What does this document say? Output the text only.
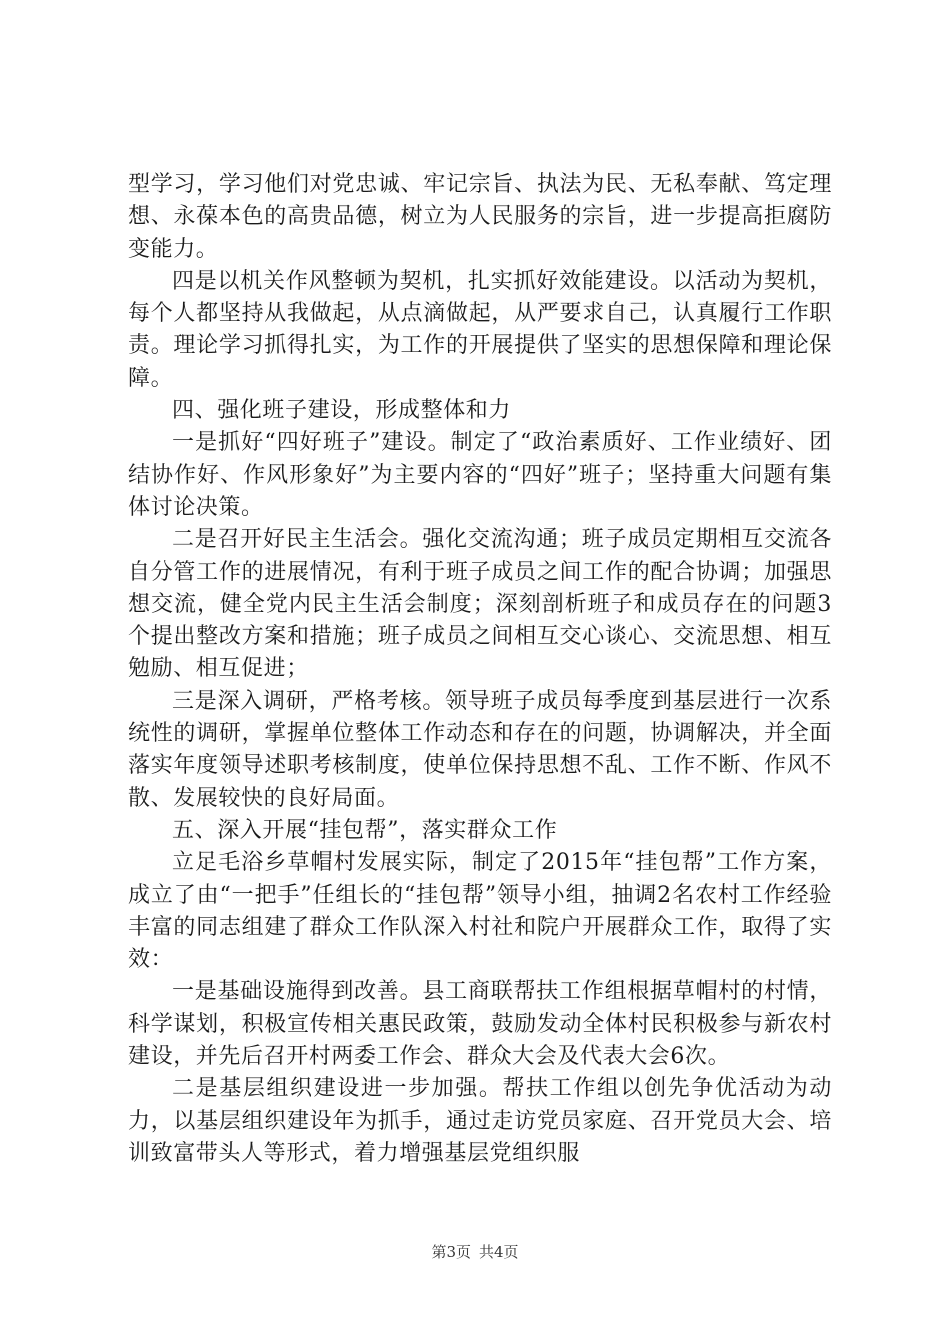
型学习，学习他们对党忠诚、牢记宗旨、执法为民、无私奉献、笃定理想、永葆本色的高贵品德，树立为人民服务的宗旨，进一步提高拒腐防变能力。

四是以机关作风整顿为契机，扎实抓好效能建设。以活动为契机，每个人都坚持从我做起，从点滴做起，从严要求自己，认真履行工作职责。理论学习抓得扎实，为工作的开展提供了坚实的思想保障和理论保障。

四、强化班子建设，形成整体和力

一是抓好“四好班子”建设。制定了“政治素质好、工作业绩好、团结协作好、作风形象好”为主要内容的“四好”班子；坚持重大问题有集体讨论决策。

二是召开好民主生活会。强化交流沟通；班子成员定期相互交流各自分管工作的进展情况，有利于班子成员之间工作的配合协调；加强思想交流，健全党内民主生活会制度；深刻剖析班子和成员存在的问题3个提出整改方案和措施；班子成员之间相互交心谈心、交流思想、相互勉励、相互促进；

三是深入调研，严格考核。领导班子成员每季度到基层进行一次系统性的调研，掌握单位整体工作动态和存在的问题，协调解决，并全面落实年度领导述职考核制度，使单位保持思想不乱、工作不断、作风不散、发展较快的良好局面。

五、深入开展“挂包帮”，落实群众工作

立足毛浴乡草帽村发展实际，制定了2015年“挂包帮”工作方案，成立了由“一把手”任组长的“挂包帮”领导小组，抽调2名农村工作经验丰富的同志组建了群众工作队深入村社和院户开展群众工作，取得了实效：

一是基础设施得到改善。县工商联帮扶工作组根据草帽村的村情，科学谋划，积极宣传相关惠民政策，鼓励发动全体村民积极参与新农村建设，并先后召开村两委工作会、群众大会及代表大会6次。

二是基层组织建设进一步加强。帮扶工作组以创先争优活动为动力，以基层组织建设年为抓手，通过走访党员家庭、召开党员大会、培训致富带头人等形式，着力增强基层党组织服

第3页 共4页
